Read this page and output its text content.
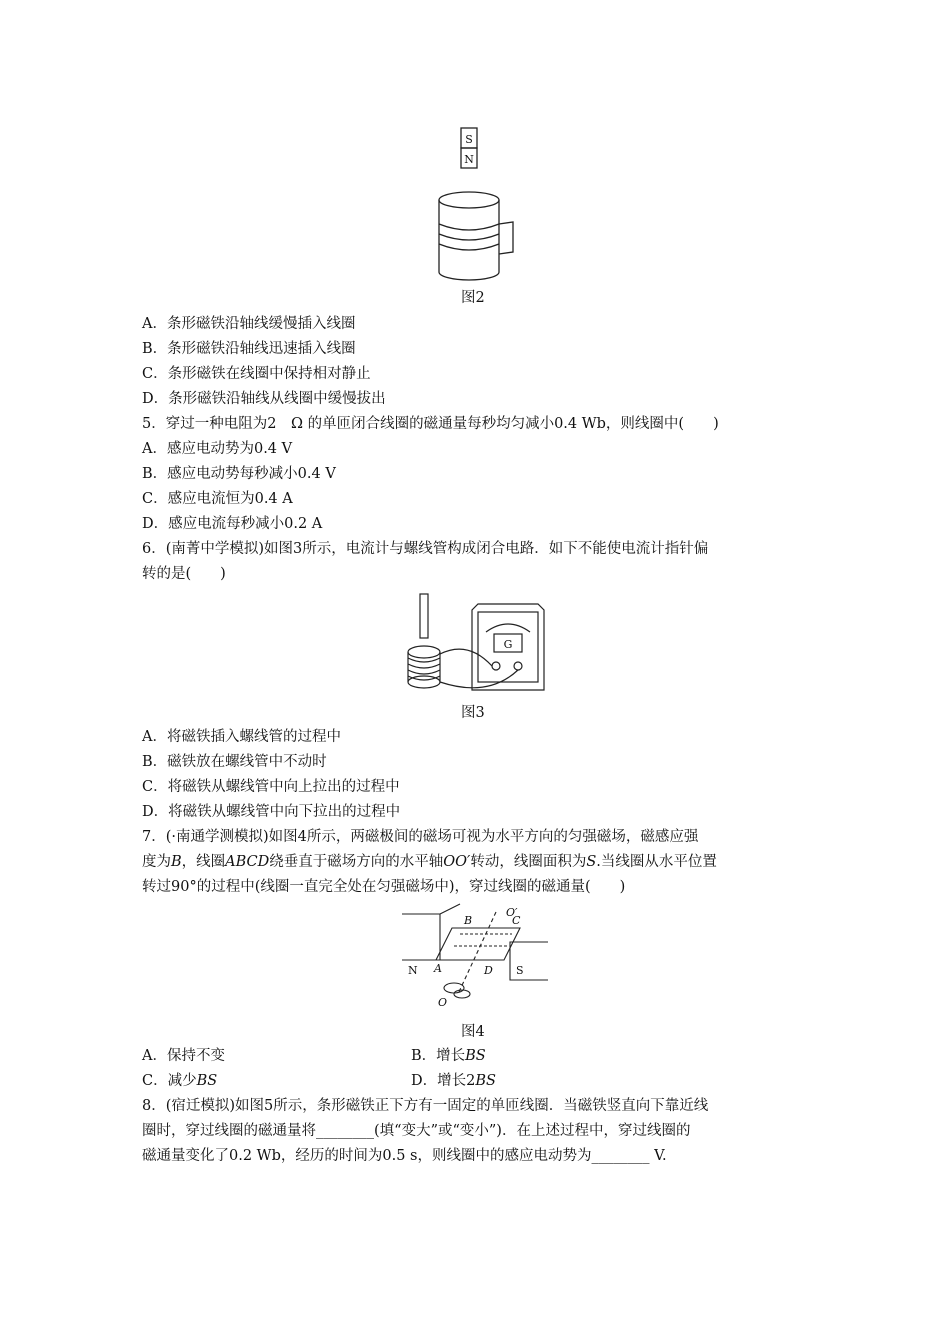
S
N
图2
A．条形磁铁沿轴线缓慢插入线圈
B．条形磁铁沿轴线迅速插入线圈
C．条形磁铁在线圈中保持相对静止
D．条形磁铁沿轴线从线圈中缓慢拔出
5．穿过一种电阻为2　Ω 的单匝闭合线圈的磁通量每秒均匀减小0.4 Wb，则线圈中(　　)
A．感应电动势为0.4 V
B．感应电动势每秒减小0.4 V
C．感应电流恒为0.4 A
D．感应电流每秒减小0.2 A
6．(南菁中学模拟)如图3所示，电流计与螺线管构成闭合电路．如下不能使电流计指针偏
转的是(　　)
G
图3
A．将磁铁插入螺线管的过程中
B．磁铁放在螺线管中不动时
C．将磁铁从螺线管中向上拉出的过程中
D．将磁铁从螺线管中向下拉出的过程中
7．(·南通学测模拟)如图4所示，两磁极间的磁场可视为水平方向的匀强磁场，磁感应强
度为B，线圈ABCD绕垂直于磁场方向的水平轴OO′转动，线圈面积为S.当线圈从水平位置
转过90°的过程中(线圈一直完全处在匀强磁场中)，穿过线圈的磁通量(　　)
N	S
A
B	C
D
O
O′
图4
A．保持不变	B．增长BS
C．减少BS	D．增长2BS
8．(宿迁模拟)如图5所示，条形磁铁正下方有一固定的单匝线圈．当磁铁竖直向下靠近线
圈时，穿过线圈的磁通量将________(填“变大”或“变小”)．在上述过程中，穿过线圈的
磁通量变化了0.2 Wb，经历的时间为0.5 s，则线圈中的感应电动势为________ V.
